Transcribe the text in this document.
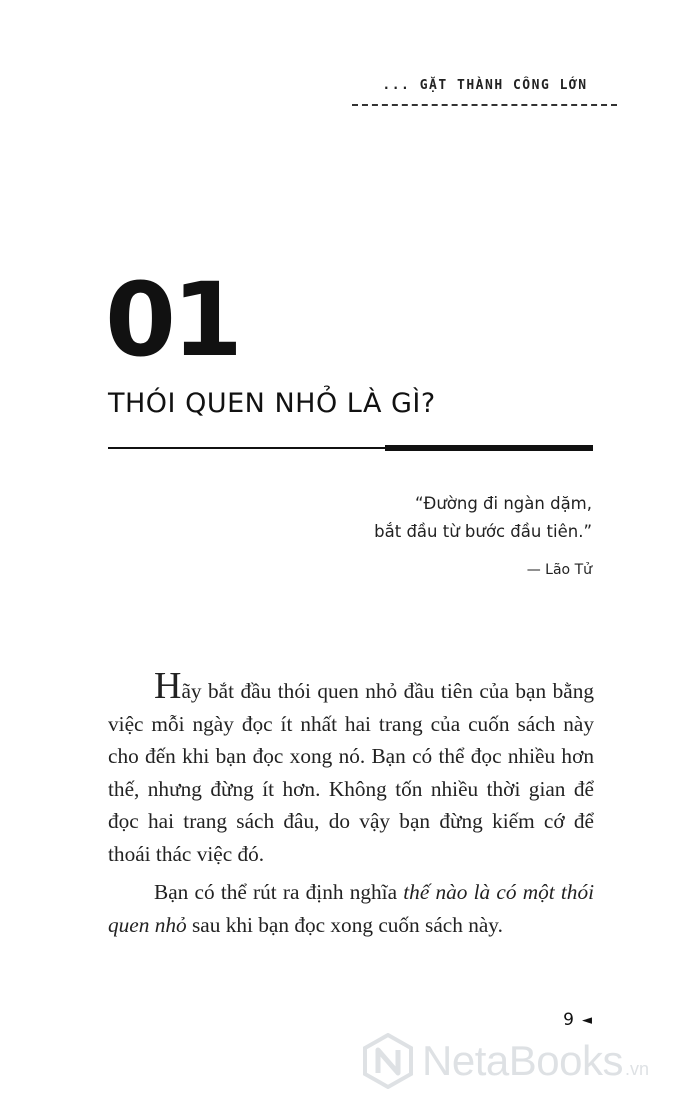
... GẶT THÀNH CÔNG LỚN
01
THÓI QUEN NHỎ LÀ GÌ?
“Đường đi ngàn dặm,
bắt đầu từ bước đầu tiên.”
— Lão Tử

Hãy bắt đầu thói quen nhỏ đầu tiên của bạn bằng việc mỗi ngày đọc ít nhất hai trang của cuốn sách này cho đến khi bạn đọc xong nó. Bạn có thể đọc nhiều hơn thế, nhưng đừng ít hơn. Không tốn nhiều thời gian để đọc hai trang sách đâu, do vậy bạn đừng kiếm cớ để thoái thác việc đó.

Bạn có thể rút ra định nghĩa thế nào là có một thói quen nhỏ sau khi bạn đọc xong cuốn sách này.

9 ◄
NetaBooks .vn
